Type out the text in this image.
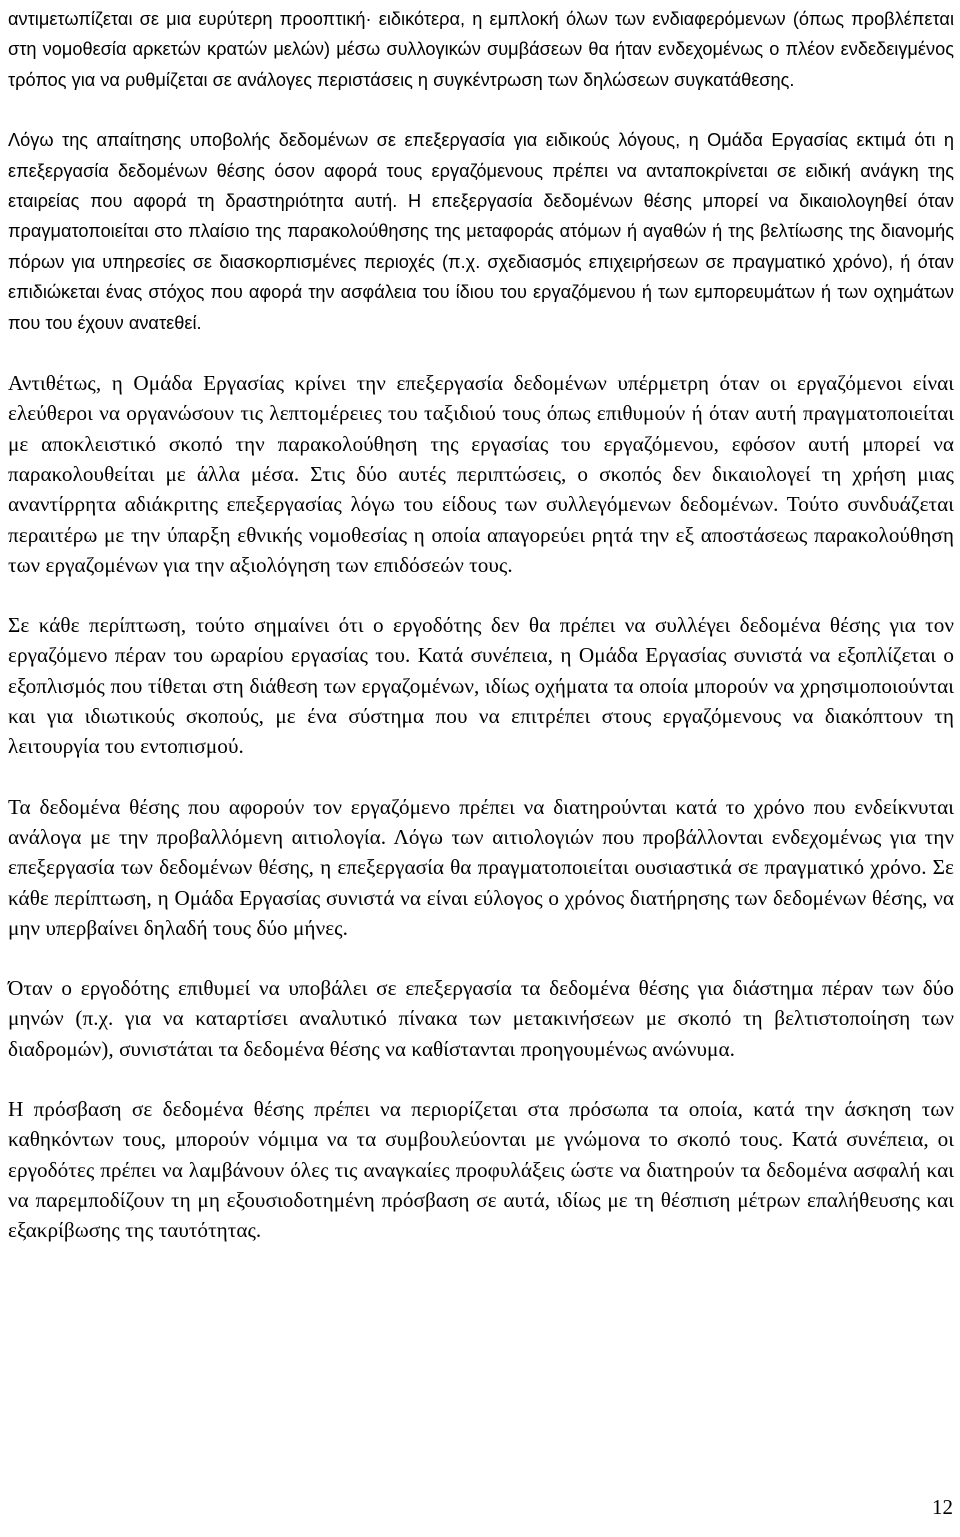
αντιμετωπίζεται σε μια ευρύτερη προοπτική· ειδικότερα, η εμπλοκή όλων των ενδιαφερόμενων (όπως προβλέπεται στη νομοθεσία αρκετών κρατών μελών) μέσω συλλογικών συμβάσεων θα ήταν ενδεχομένως ο πλέον ενδεδειγμένος τρόπος για να ρυθμίζεται σε ανάλογες περιστάσεις η συγκέντρωση των δηλώσεων συγκατάθεσης.

Λόγω της απαίτησης υποβολής δεδομένων σε επεξεργασία για ειδικούς λόγους, η Ομάδα Εργασίας εκτιμά ότι η επεξεργασία δεδομένων θέσης όσον αφορά τους εργαζόμενους πρέπει να ανταποκρίνεται σε ειδική ανάγκη της εταιρείας που αφορά τη δραστηριότητα αυτή. Η επεξεργασία δεδομένων θέσης μπορεί να δικαιολογηθεί όταν πραγματοποιείται στο πλαίσιο της παρακολούθησης της μεταφοράς ατόμων ή αγαθών ή της βελτίωσης της διανομής πόρων για υπηρεσίες σε διασκορπισμένες περιοχές (π.χ. σχεδιασμός επιχειρήσεων σε πραγματικό χρόνο), ή όταν επιδιώκεται ένας στόχος που αφορά την ασφάλεια του ίδιου του εργαζόμενου ή των εμπορευμάτων ή των οχημάτων που του έχουν ανατεθεί.

Αντιθέτως, η Ομάδα Εργασίας κρίνει την επεξεργασία δεδομένων υπέρμετρη όταν οι εργαζόμενοι είναι ελεύθεροι να οργανώσουν τις λεπτομέρειες του ταξιδιού τους όπως επιθυμούν ή όταν αυτή πραγματοποιείται με αποκλειστικό σκοπό την παρακολούθηση της εργασίας του εργαζόμενου, εφόσον αυτή μπορεί να παρακολουθείται με άλλα μέσα. Στις δύο αυτές περιπτώσεις, ο σκοπός δεν δικαιολογεί τη χρήση μιας αναντίρρητα αδιάκριτης επεξεργασίας λόγω του είδους των συλλεγόμενων δεδομένων. Τούτο συνδυάζεται περαιτέρω με την ύπαρξη εθνικής νομοθεσίας η οποία απαγορεύει ρητά την εξ αποστάσεως παρακολούθηση των εργαζομένων για την αξιολόγηση των επιδόσεών τους.

Σε κάθε περίπτωση, τούτο σημαίνει ότι ο εργοδότης δεν θα πρέπει να συλλέγει δεδομένα θέσης για τον εργαζόμενο πέραν του ωραρίου εργασίας του. Κατά συνέπεια, η Ομάδα Εργασίας συνιστά να εξοπλίζεται ο εξοπλισμός που τίθεται στη διάθεση των εργαζομένων, ιδίως οχήματα τα οποία μπορούν να χρησιμοποιούνται και για ιδιωτικούς σκοπούς, με ένα σύστημα που να επιτρέπει στους εργαζόμενους να διακόπτουν τη λειτουργία του εντοπισμού.

Τα δεδομένα θέσης που αφορούν τον εργαζόμενο πρέπει να διατηρούνται κατά το χρόνο που ενδείκνυται ανάλογα με την προβαλλόμενη αιτιολογία. Λόγω των αιτιολογιών που προβάλλονται ενδεχομένως για την επεξεργασία των δεδομένων θέσης, η επεξεργασία θα πραγματοποιείται ουσιαστικά σε πραγματικό χρόνο. Σε κάθε περίπτωση, η Ομάδα Εργασίας συνιστά να είναι εύλογος ο χρόνος διατήρησης των δεδομένων θέσης, να μην υπερβαίνει δηλαδή τους δύο μήνες.

Όταν ο εργοδότης επιθυμεί να υποβάλει σε επεξεργασία τα δεδομένα θέσης για διάστημα πέραν των δύο μηνών (π.χ. για να καταρτίσει αναλυτικό πίνακα των μετακινήσεων με σκοπό τη βελτιστοποίηση των διαδρομών), συνιστάται τα δεδομένα θέσης να καθίστανται προηγουμένως ανώνυμα.

Η πρόσβαση σε δεδομένα θέσης πρέπει να περιορίζεται στα πρόσωπα τα οποία, κατά την άσκηση των καθηκόντων τους, μπορούν νόμιμα να τα συμβουλεύονται με γνώμονα το σκοπό τους. Κατά συνέπεια, οι εργοδότες πρέπει να λαμβάνουν όλες τις αναγκαίες προφυλάξεις ώστε να διατηρούν τα δεδομένα ασφαλή και να παρεμποδίζουν τη μη εξουσιοδοτημένη πρόσβαση σε αυτά, ιδίως με τη θέσπιση μέτρων επαλήθευσης και εξακρίβωσης της ταυτότητας.

12
